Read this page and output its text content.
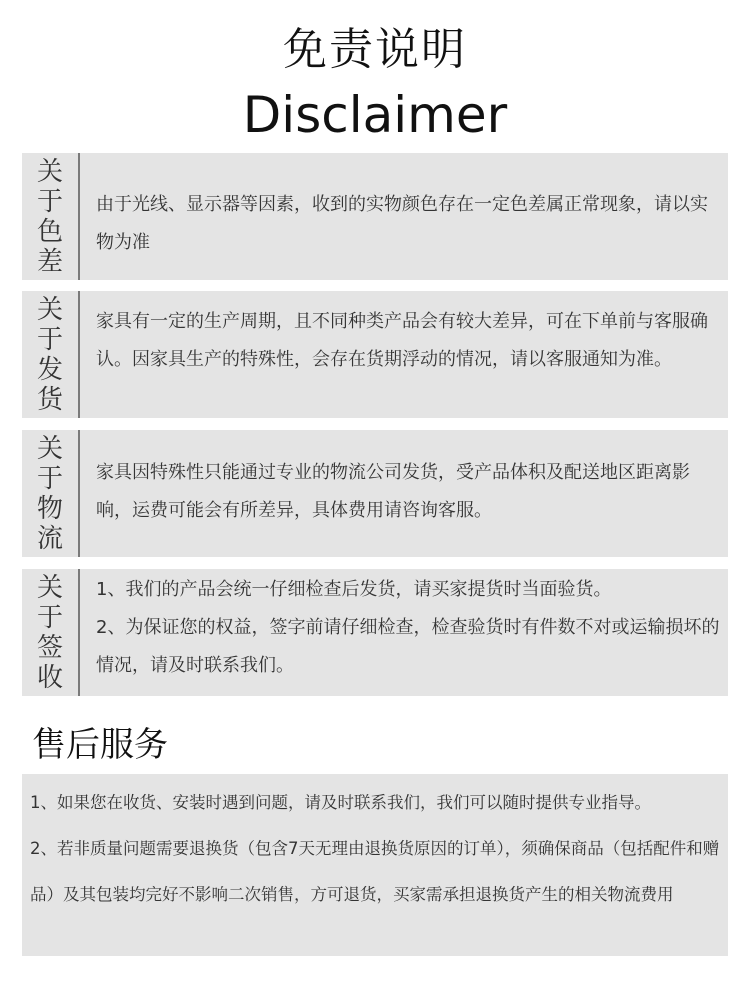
免责说明
Disclaimer
关
于
色
差

由于光线、显示器等因素，收到的实物颜色存在一定色差属正常现象，请以实物为准

关
于
发
货

家具有一定的生产周期，且不同种类产品会有较大差异，可在下单前与客服确认。因家具生产的特殊性，会存在货期浮动的情况，请以客服通知为准。

关
于
物
流

家具因特殊性只能通过专业的物流公司发货，受产品体积及配送地区距离影响，运费可能会有所差异，具体费用请咨询客服。

关
于
签
收

1、我们的产品会统一仔细检查后发货，请买家提货时当面验货。

2、为保证您的权益，签字前请仔细检查，检查验货时有件数不对或运输损坏的情况，请及时联系我们。

售后服务

1、如果您在收货、安装时遇到问题，请及时联系我们，我们可以随时提供专业指导。

2、若非质量问题需要退换货（包含7天无理由退换货原因的订单），须确保商品（包括配件和赠品）及其包装均完好不影响二次销售，方可退货，买家需承担退换货产生的相关物流费用
